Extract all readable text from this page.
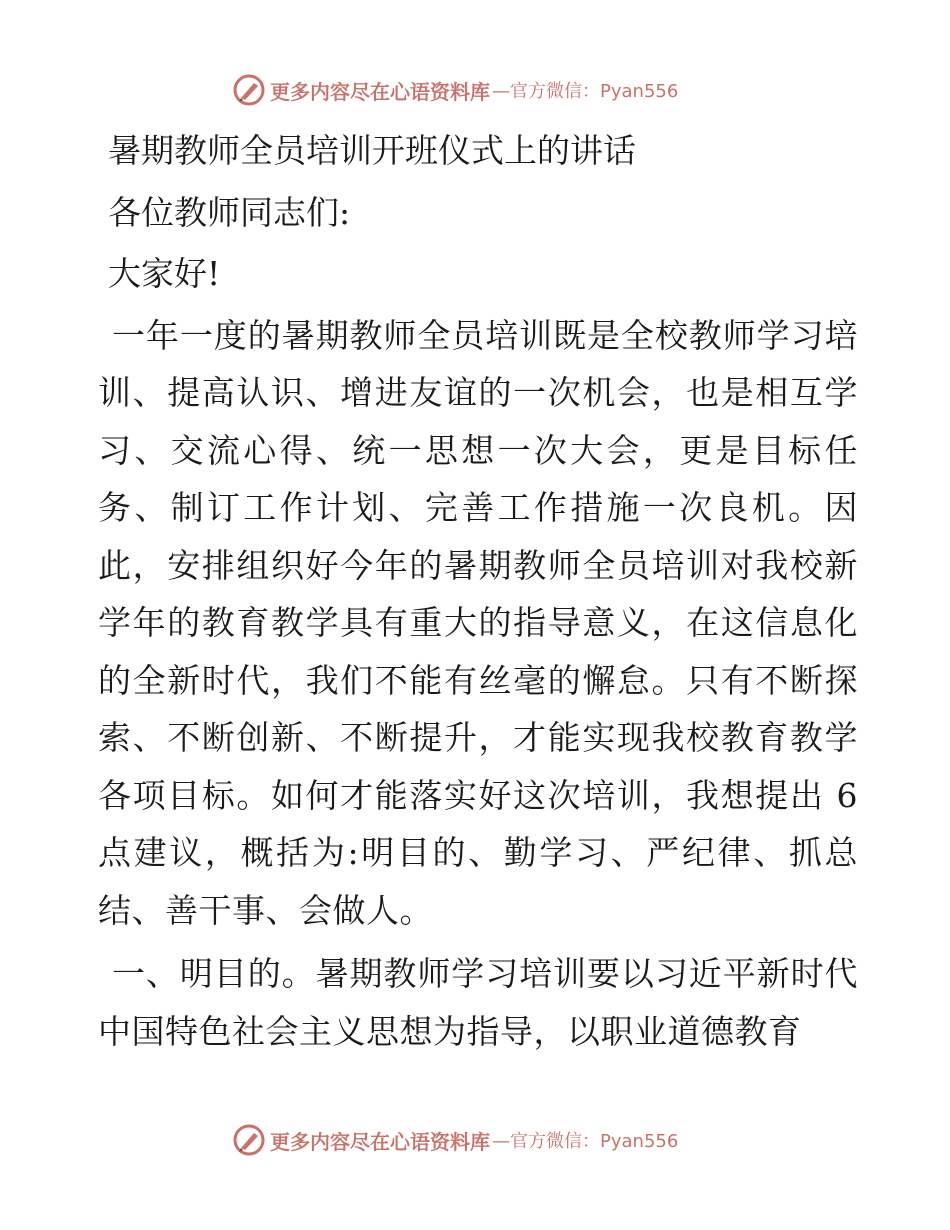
更多内容尽在心语资料库 —官方微信：Pyan556

暑期教师全员培训开班仪式上的讲话

各位教师同志们:

大家好!

一年一度的暑期教师全员培训既是全校教师学习培训、提高认识、增进友谊的一次机会，也是相互学习、交流心得、统一思想一次大会，更是目标任务、制订工作计划、完善工作措施一次良机。因此，安排组织好今年的暑期教师全员培训对我校新学年的教育教学具有重大的指导意义，在这信息化的全新时代，我们不能有丝毫的懈怠。只有不断探索、不断创新、不断提升，才能实现我校教育教学各项目标。如何才能落实好这次培训，我想提出 6 点建议，概括为:明目的、勤学习、严纪律、抓总结、善干事、会做人。

一、明目的。暑期教师学习培训要以习近平新时代中国特色社会主义思想为指导，以职业道德教育

更多内容尽在心语资料库 —官方微信：Pyan556
